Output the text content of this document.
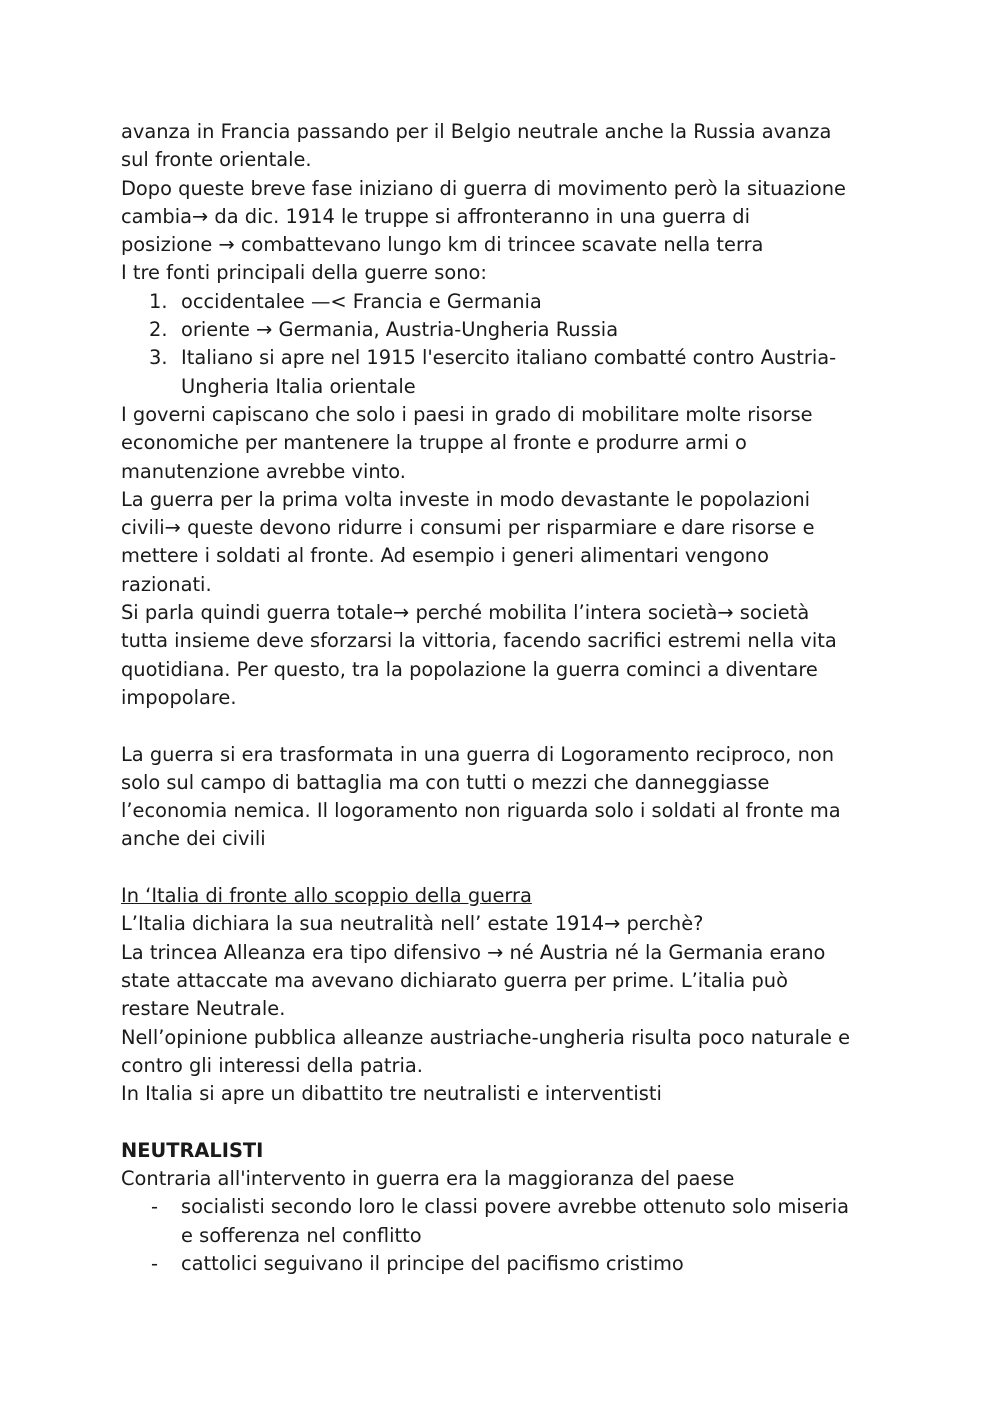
avanza in Francia passando per il Belgio neutrale anche la Russia avanza
sul fronte orientale.
Dopo queste breve fase iniziano di guerra di movimento però la situazione
cambia→ da dic. 1914 le truppe si affronteranno in una guerra di
posizione → combattevano lungo km di trincee scavate nella terra
I tre fonti principali della guerre sono:
1. occidentalee —< Francia e Germania
2. oriente → Germania, Austria-Ungheria Russia
3. Italiano si apre nel 1915 l'esercito italiano combatté contro Austria-
Ungheria Italia orientale
I governi capiscano che solo i paesi in grado di mobilitare molte risorse
economiche per mantenere la truppe al fronte e produrre armi o
manutenzione avrebbe vinto.
La guerra per la prima volta investe in modo devastante le popolazioni
civili→ queste devono ridurre i consumi per risparmiare e dare risorse e
mettere i soldati al fronte. Ad esempio i generi alimentari vengono
razionati.
Si parla quindi guerra totale→ perché mobilita l’intera società→ società
tutta insieme deve sforzarsi la vittoria, facendo sacrifici estremi nella vita
quotidiana. Per questo, tra la popolazione la guerra cominci a diventare
impopolare.
La guerra si era trasformata in una guerra di Logoramento reciproco, non
solo sul campo di battaglia ma con tutti o mezzi che danneggiasse
l’economia nemica. Il logoramento non riguarda solo i soldati al fronte ma
anche dei civili
In ‘Italia di fronte allo scoppio della guerra
L’Italia dichiara la sua neutralità nell’ estate 1914→ perchè?
La trincea Alleanza era tipo difensivo → né Austria né la Germania erano
state attaccate ma avevano dichiarato guerra per prime. L’italia può
restare Neutrale.
Nell’opinione pubblica alleanze austriache-ungheria risulta poco naturale e
contro gli interessi della patria.
In Italia si apre un dibattito tre neutralisti e interventisti
NEUTRALISTI
Contraria all'intervento in guerra era la maggioranza del paese
- socialisti secondo loro le classi povere avrebbe ottenuto solo miseria
e sofferenza nel conflitto
- cattolici seguivano il principe del pacifismo cristimo
